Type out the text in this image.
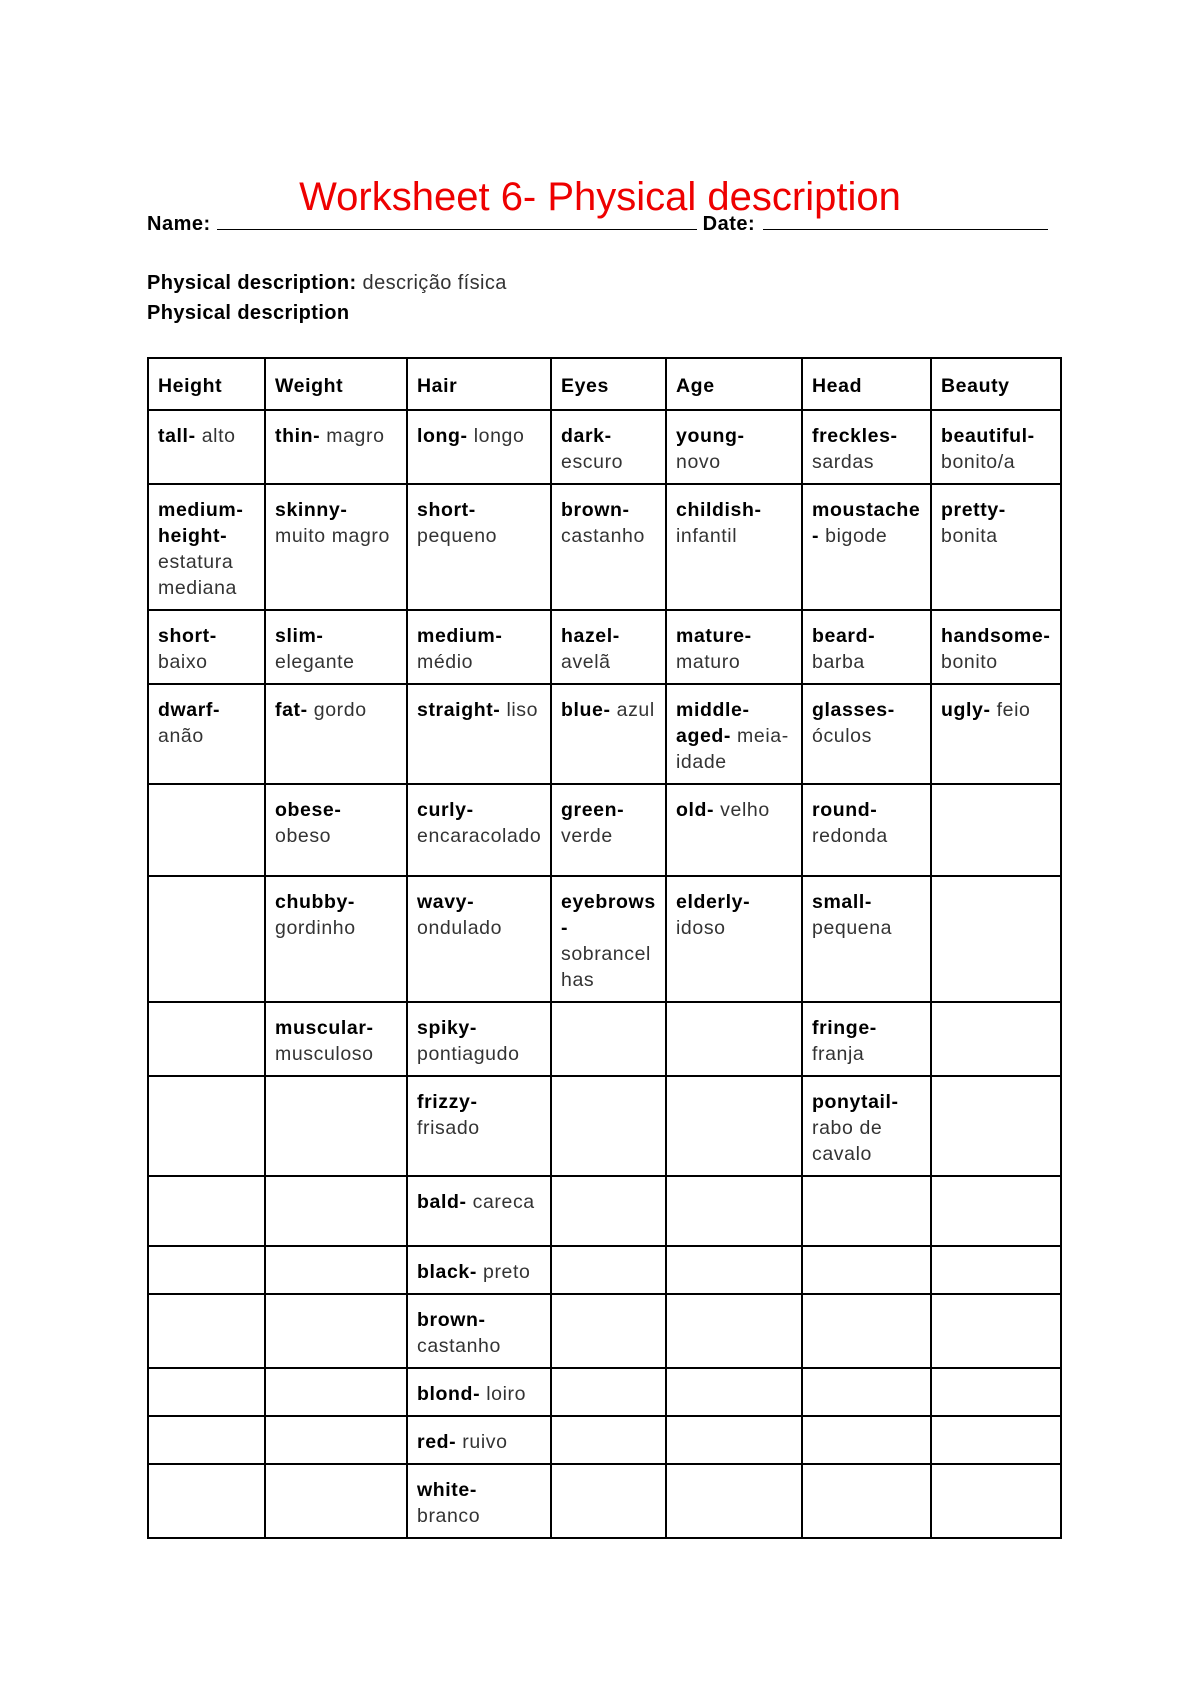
Worksheet 6- Physical description
Name:	Date:
Physical description: descrição física
Physical description
Height	Weight	Hair	Eyes	Age	Head	Beauty
tall- alto	thin- magro	long- longo	dark- escuro	young- novo	freckles- sardas	beautiful- bonito/a
medium-height- estatura mediana	skinny- muito magro	short- pequeno	brown- castanho	childish- infantil	moustache- bigode	pretty- bonita
short- baixo	slim- elegante	medium- médio	hazel- avelã	mature- maturo	beard- barba	handsome- bonito
dwarf- anão	fat- gordo	straight- liso	blue- azul	middle-aged- meia-idade	glasses- óculos	ugly- feio
	obese- obeso	curly- encaracolado	green- verde	old- velho	round- redonda	
	chubby- gordinho	wavy- ondulado	eyebrows- sobrancelhas	elderly- idoso	small- pequena	
	muscular- musculoso	spiky- pontiagudo			fringe- franja	
		frizzy- frisado			ponytail- rabo de cavalo	
		bald- careca				
		black- preto				
		brown- castanho				
		blond- loiro				
		red- ruivo				
		white- branco				
